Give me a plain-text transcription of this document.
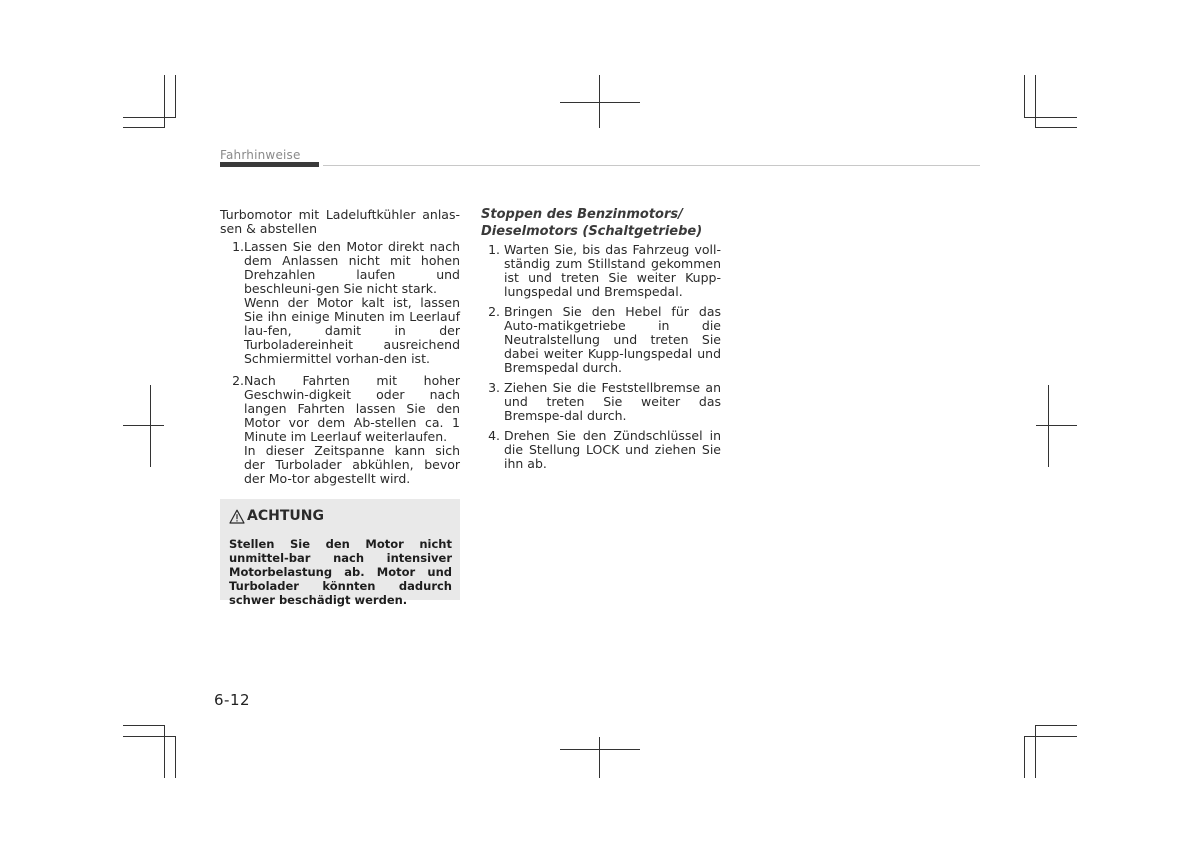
Fahrhinweise

Turbomotor mit Ladeluftkühler anlas-sen & abstellen

1. Lassen Sie den Motor direkt nach dem Anlassen nicht mit hohen Drehzahlen laufen und beschleuni-gen Sie nicht stark.

Wenn der Motor kalt ist, lassen Sie ihn einige Minuten im Leerlauf lau-fen, damit in der Turboladereinheit ausreichend Schmiermittel vorhan-den ist.

2. Nach Fahrten mit hoher Geschwin-digkeit oder nach langen Fahrten lassen Sie den Motor vor dem Ab-stellen ca. 1 Minute im Leerlauf weiterlaufen.

In dieser Zeitspanne kann sich der Turbolader abkühlen, bevor der Mo-tor abgestellt wird.

ACHTUNG

Stellen Sie den Motor nicht unmittel-bar nach intensiver Motorbelastung ab. Motor und Turbolader könnten dadurch schwer beschädigt werden.

Stoppen des Benzinmotors/
Dieselmotors (Schaltgetriebe)
1. Warten Sie, bis das Fahrzeug voll-ständig zum Stillstand gekommen ist und treten Sie weiter Kupp-lungspedal und Bremspedal.

2. Bringen Sie den Hebel für das Auto-matikgetriebe in die Neutralstellung und treten Sie dabei weiter Kupp-lungspedal und Bremspedal durch.

3. Ziehen Sie die Feststellbremse an und treten Sie weiter das Bremspe-dal durch.

4. Drehen Sie den Zündschlüssel in die Stellung LOCK und ziehen Sie ihn ab.

6-12
